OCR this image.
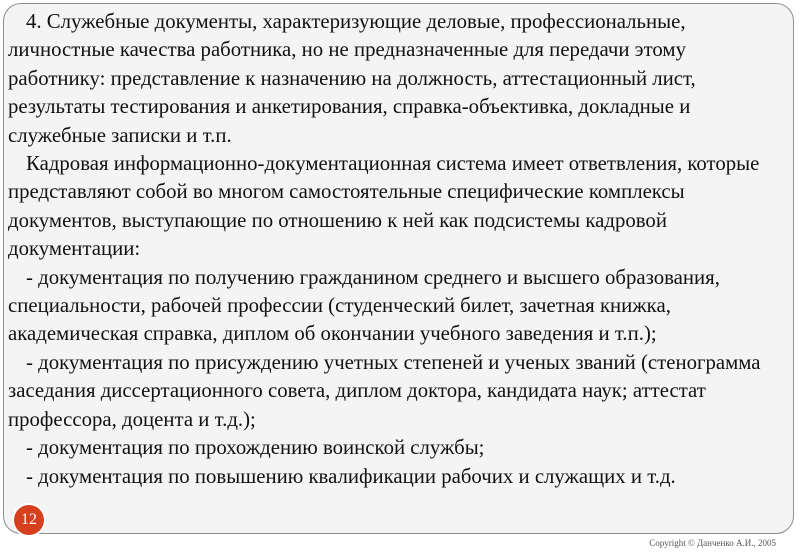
4. Служебные документы, характеризующие деловые, профессиональные, личностные качества работника, но не предназначенные для передачи этому работнику: представление к назначению на должность, аттестационный лист, результаты тестирования и анкетирования, справка-объективка, докладные и служебные записки и т.п.

Кадровая информационно-документационная система имеет ответвления, которые представляют собой во многом самостоятельные специфические комплексы документов, выступающие по отношению к ней как подсистемы кадровой документации:

- документация по получению гражданином среднего и высшего образования, специальности, рабочей профессии (студенческий билет, зачетная книжка, академическая справка, диплом об окончании учебного заведения и т.п.);

- документация по присуждению учетных степеней и ученых званий (стенограмма заседания диссертационного совета, диплом доктора, кандидата наук; аттестат профессора, доцента и т.д.);

- документация по прохождению воинской службы;

- документация по повышению квалификации рабочих и служащих и т.д.

12
Copyright © Данченко А.И., 2005
